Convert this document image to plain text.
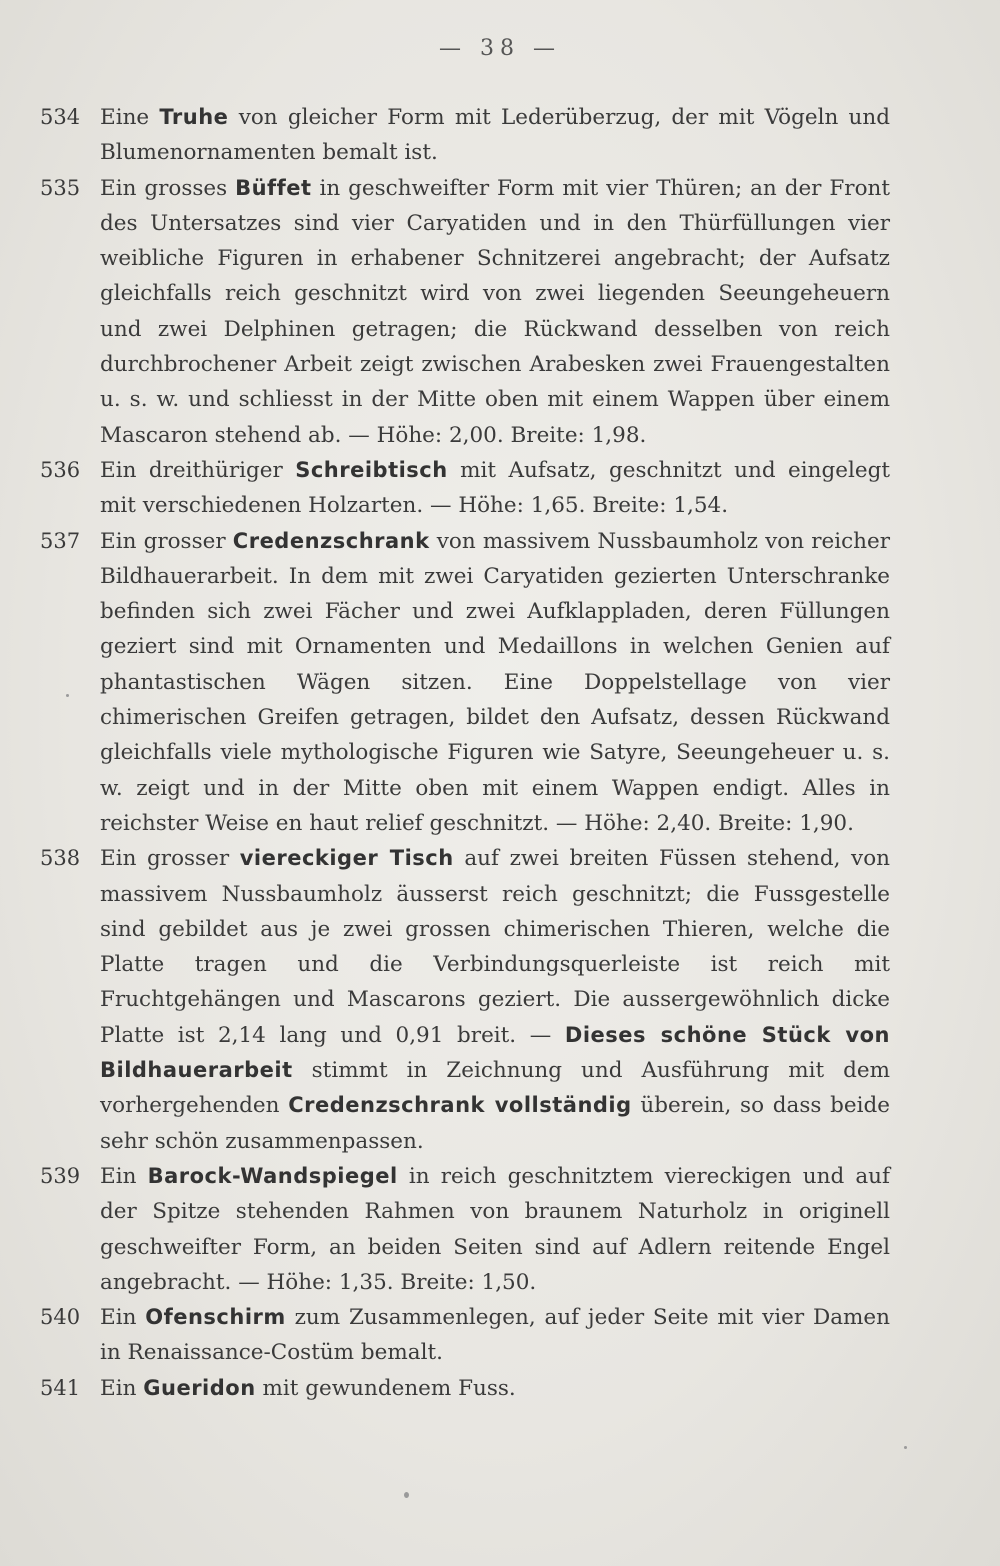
— 38 —
534 Eine Truhe von gleicher Form mit Lederüberzug, der mit Vögeln und Blumenornamenten bemalt ist.
535 Ein grosses Büffet in geschweifter Form mit vier Thüren; an der Front des Untersatzes sind vier Caryatiden und in den Thürfüllungen vier weibliche Figuren in erhabener Schnitzerei angebracht; der Aufsatz gleichfalls reich geschnitzt wird von zwei liegenden Seeungeheuern und zwei Delphinen getragen; die Rückwand desselben von reich durchbrochener Arbeit zeigt zwischen Arabesken zwei Frauengestalten u. s. w. und schliesst in der Mitte oben mit einem Wappen über einem Mascaron stehend ab. — Höhe: 2,00. Breite: 1,98.
536 Ein dreithüriger Schreibtisch mit Aufsatz, geschnitzt und eingelegt mit verschiedenen Holzarten. — Höhe: 1,65. Breite: 1,54.
537 Ein grosser Credenzschrank von massivem Nussbaumholz von reicher Bildhauerarbeit. In dem mit zwei Caryatiden gezierten Unterschranke befinden sich zwei Fächer und zwei Aufklappladen, deren Füllungen geziert sind mit Ornamenten und Medaillons in welchen Genien auf phantastischen Wägen sitzen. Eine Doppelstellage von vier chimerischen Greifen getragen, bildet den Aufsatz, dessen Rückwand gleichfalls viele mythologische Figuren wie Satyre, Seeungeheuer u. s. w. zeigt und in der Mitte oben mit einem Wappen endigt. Alles in reichster Weise en haut relief geschnitzt. — Höhe: 2,40. Breite: 1,90.
538 Ein grosser viereckiger Tisch auf zwei breiten Füssen stehend, von massivem Nussbaumholz äusserst reich geschnitzt; die Fussgestelle sind gebildet aus je zwei grossen chimerischen Thieren, welche die Platte tragen und die Verbindungsquerleiste ist reich mit Fruchtgehängen und Mascarons geziert. Die aussergewöhnlich dicke Platte ist 2,14 lang und 0,91 breit. — Dieses schöne Stück von Bildhauerarbeit stimmt in Zeichnung und Ausführung mit dem vorhergehenden Credenzschrank vollständig überein, so dass beide sehr schön zusammenpassen.
539 Ein Barock-Wandspiegel in reich geschnitztem viereckigen und auf der Spitze stehenden Rahmen von braunem Naturholz in originell geschweifter Form, an beiden Seiten sind auf Adlern reitende Engel angebracht. — Höhe: 1,35. Breite: 1,50.
540 Ein Ofenschirm zum Zusammenlegen, auf jeder Seite mit vier Damen in Renaissance-Costüm bemalt.
541 Ein Gueridon mit gewundenem Fuss.
